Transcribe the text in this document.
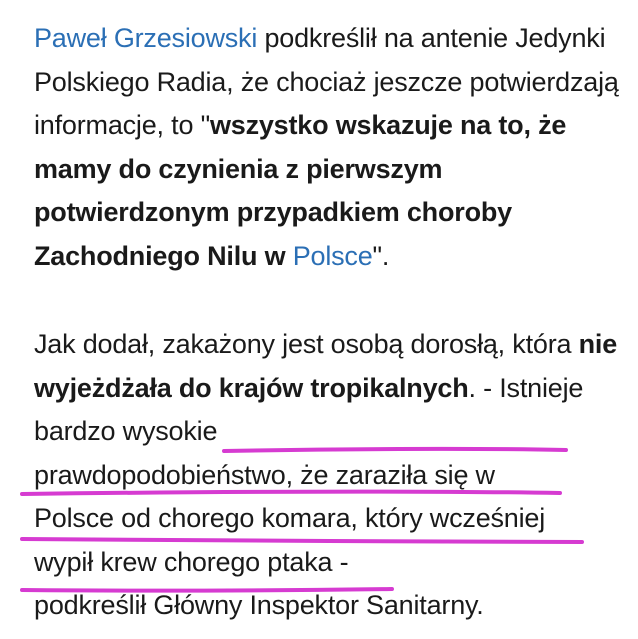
Paweł Grzesiowski podkreślił na antenie Jedynki Polskiego Radia, że chociaż jeszcze potwierdzają informacje, to "wszystko wskazuje na to, że mamy do czynienia z pierwszym potwierdzonym przypadkiem choroby Zachodniego Nilu w Polsce".

Jak dodał, zakażony jest osobą dorosłą, która nie wyjeżdżała do krajów tropikalnych. - Istnieje bardzo wysokie
prawdopodobieństwo, że zaraziła się w
Polsce od chorego komara, który wcześniej
wypił krew chorego ptaka -
podkreślił Główny Inspektor Sanitarny.
